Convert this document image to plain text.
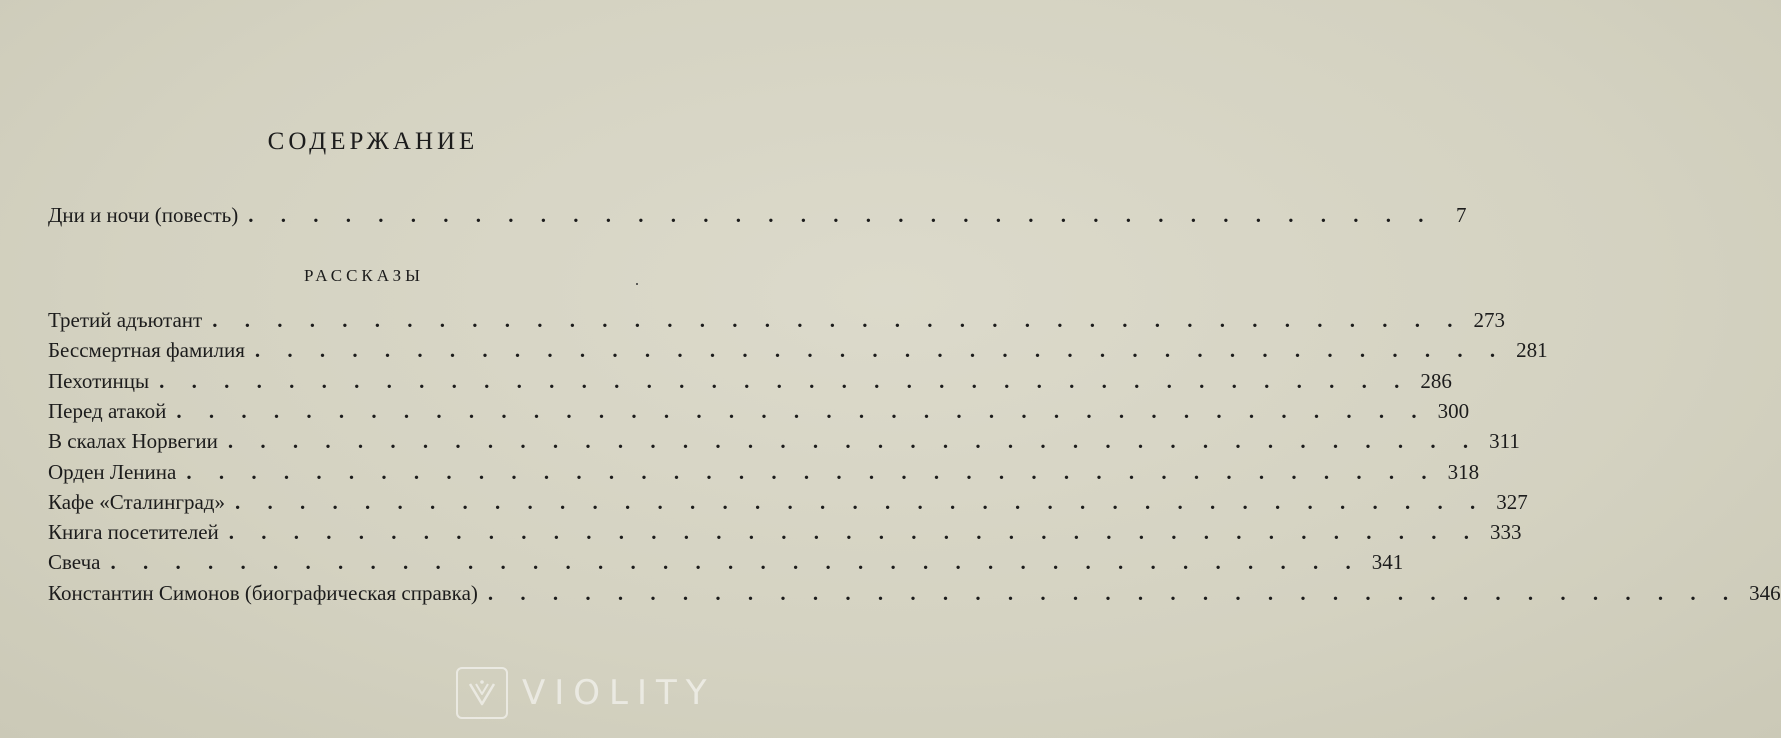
СОДЕРЖАНИЕ
Дни и ночи (повесть) . . . . . . . . . . . . . . . . . . . . . . . . . . . . . . . . . . . . .	7
РАССКАЗЫ
Третий адъютант . . . . . . . . . . . . . . . . . . . . . . . . . . . . . . . . . . . . . . . 273
Бессмертная фамилия . . . . . . . . . . . . . . . . . . . . . . . . . . . . . . . . . . . . . . . 281
Пехотинцы . . . . . . . . . . . . . . . . . . . . . . . . . . . . . . . . . . . . . . . 286
Перед атакой . . . . . . . . . . . . . . . . . . . . . . . . . . . . . . . . . . . . . . . 300
В скалах Норвегии . . . . . . . . . . . . . . . . . . . . . . . . . . . . . . . . . . . . . . . 311
Орден Ленина . . . . . . . . . . . . . . . . . . . . . . . . . . . . . . . . . . . . . . . 318
Кафе «Сталинград» . . . . . . . . . . . . . . . . . . . . . . . . . . . . . . . . . . . . . . . 327
Книга посетителей . . . . . . . . . . . . . . . . . . . . . . . . . . . . . . . . . . . . . . . 333
Свеча . . . . . . . . . . . . . . . . . . . . . . . . . . . . . . . . . . . . . . . 341
Константин Симонов (биографическая справка) . . . . . . . . . . . . . . . . . . . . . . . . . . . . . . . . . . . . . . . 346
VIOLITY
